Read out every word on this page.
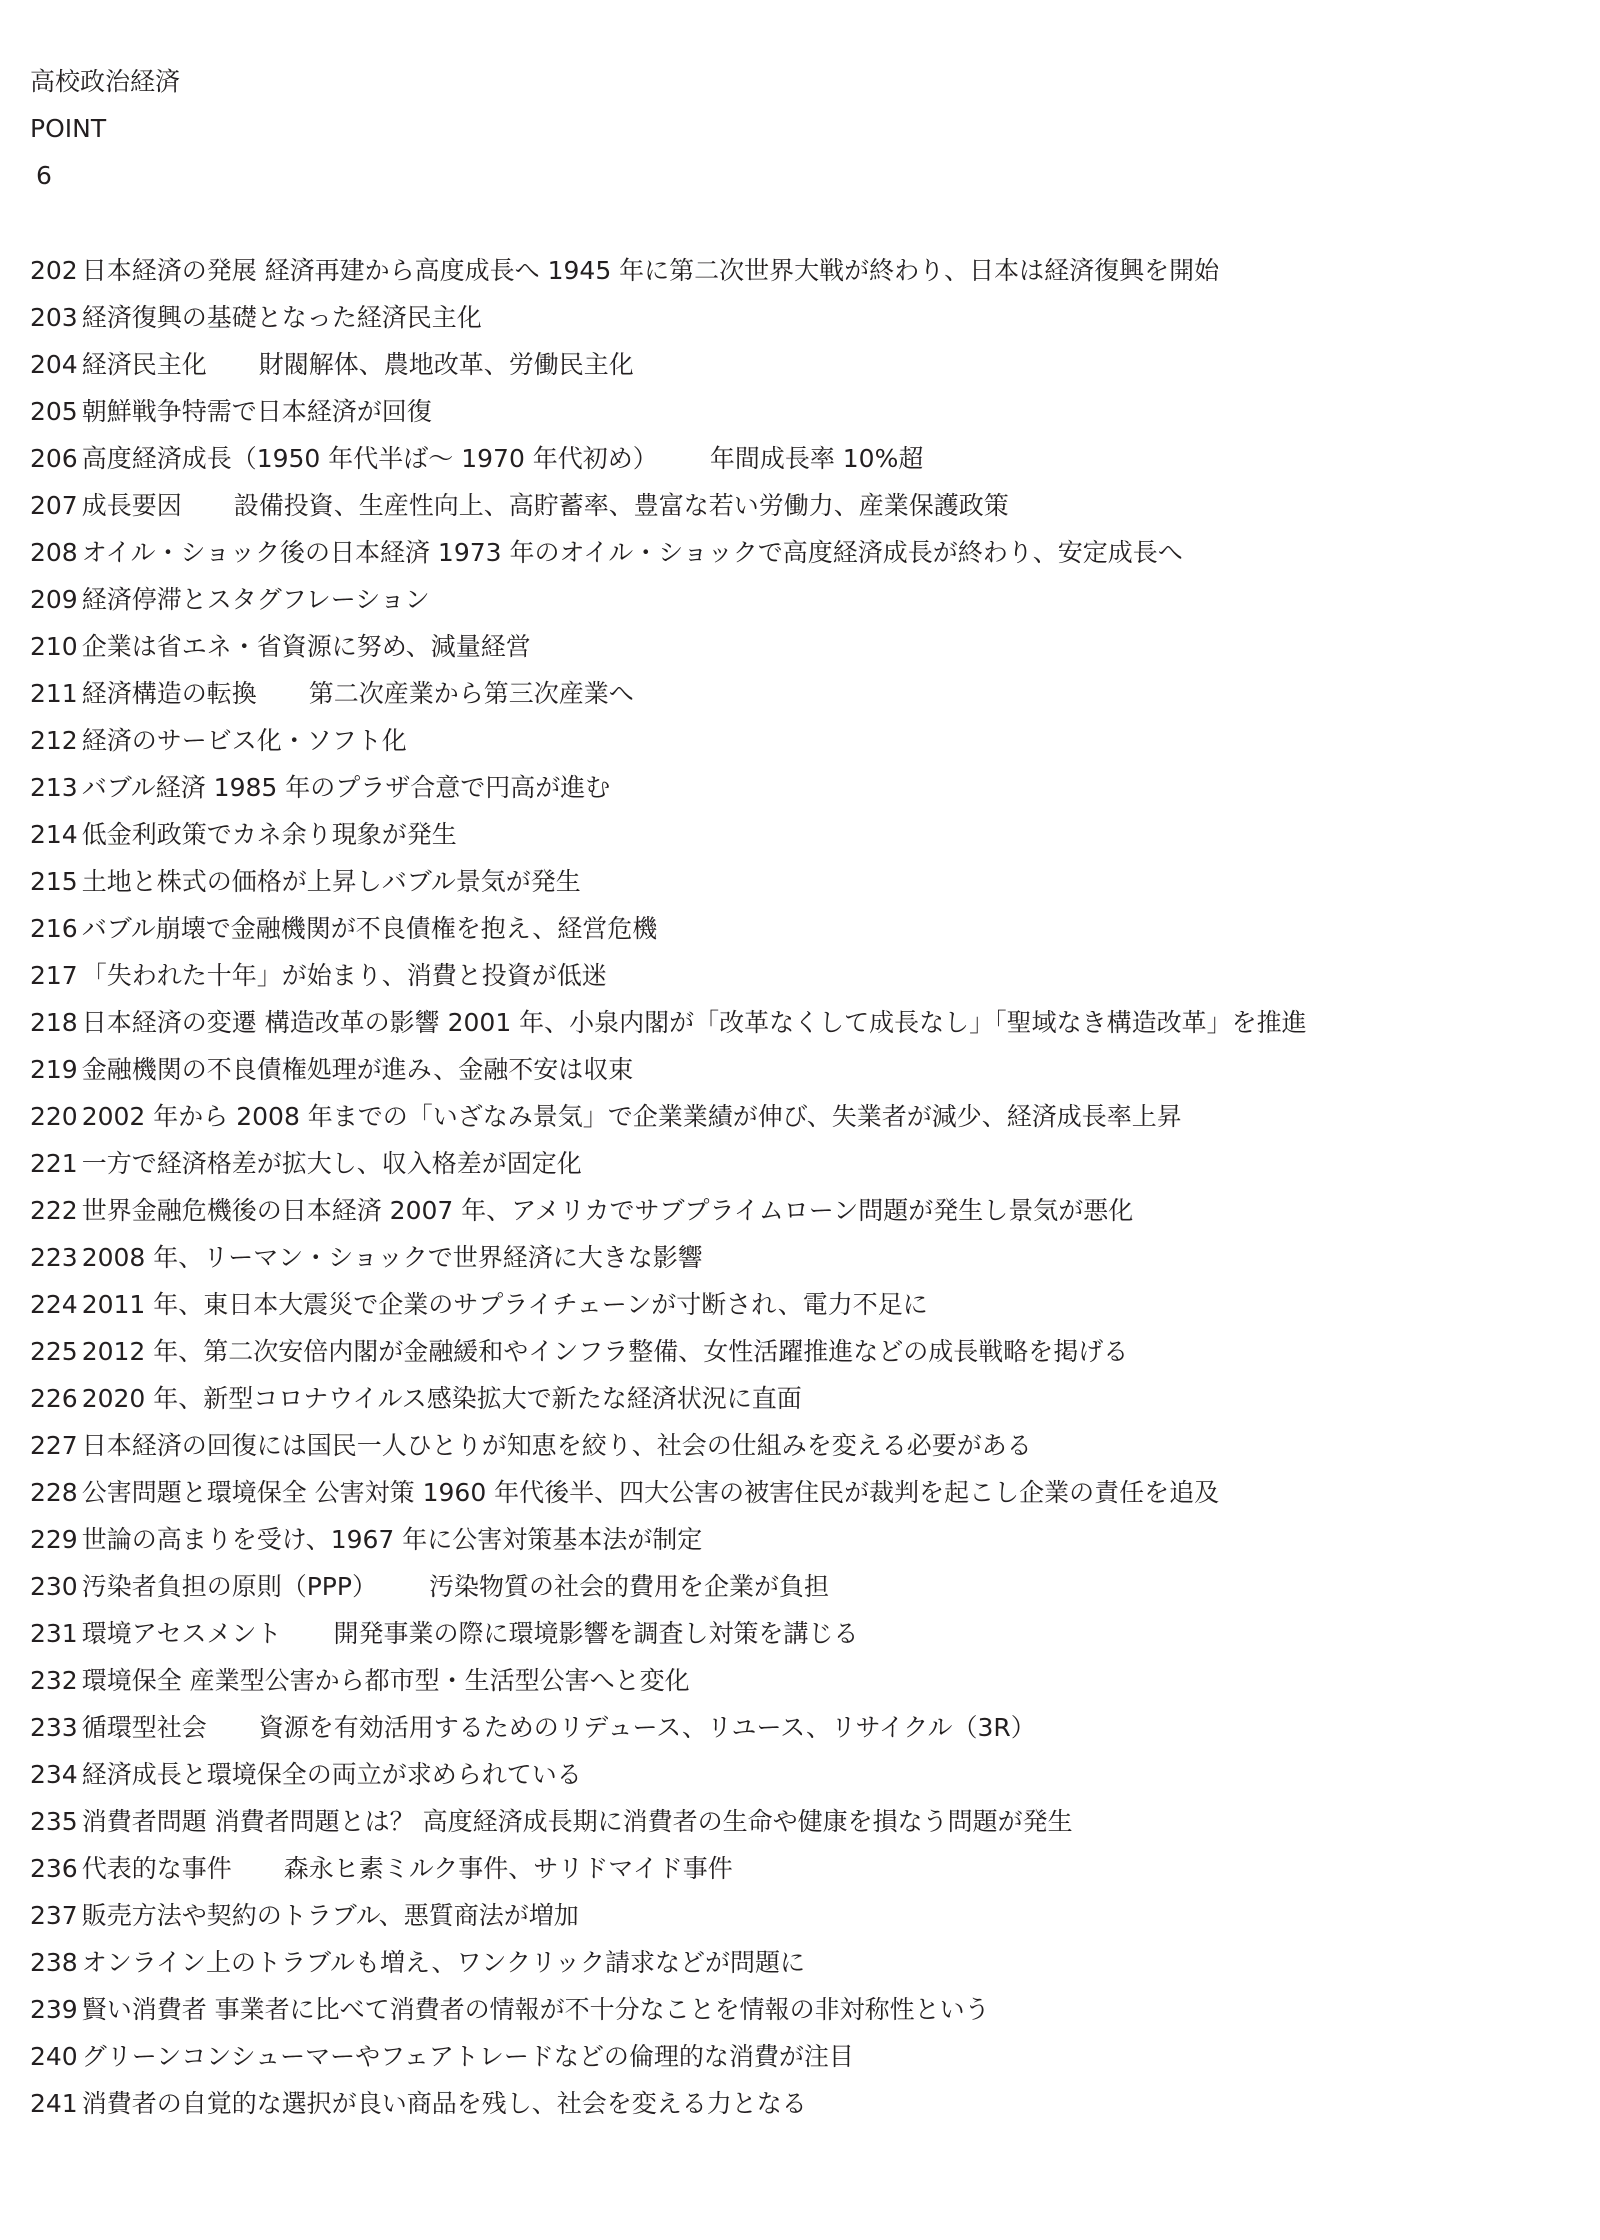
高校政治経済
POINT
6
202 日本経済の発展 経済再建から高度成長へ 1945 年に第二次世界大戦が終わり、日本は経済復興を開始
203 経済復興の基礎となった経済民主化
204 経済民主化 財閥解体、農地改革、労働民主化
205 朝鮮戦争特需で日本経済が回復
206 高度経済成長（1950 年代半ば〜 1970 年代初め） 年間成長率 10%超
207 成長要因 設備投資、生産性向上、高貯蓄率、豊富な若い労働力、産業保護政策
208 オイル・ショック後の日本経済 1973 年のオイル・ショックで高度経済成長が終わり、安定成長へ
209 経済停滞とスタグフレーション
210 企業は省エネ・省資源に努め、減量経営
211 経済構造の転換 第二次産業から第三次産業へ
212 経済のサービス化・ソフト化
213 バブル経済 1985 年のプラザ合意で円高が進む
214 低金利政策でカネ余り現象が発生
215 土地と株式の価格が上昇しバブル景気が発生
216 バブル崩壊で金融機関が不良債権を抱え、経営危機
217 「失われた十年」が始まり、消費と投資が低迷
218 日本経済の変遷 構造改革の影響 2001 年、小泉内閣が「改革なくして成長なし」「聖域なき構造改革」を推進
219 金融機関の不良債権処理が進み、金融不安は収束
220 2002 年から 2008 年までの「いざなみ景気」で企業業績が伸び、失業者が減少、経済成長率上昇
221 一方で経済格差が拡大し、収入格差が固定化
222 世界金融危機後の日本経済 2007 年、アメリカでサブプライムローン問題が発生し景気が悪化
223 2008 年、リーマン・ショックで世界経済に大きな影響
224 2011 年、東日本大震災で企業のサプライチェーンが寸断され、電力不足に
225 2012 年、第二次安倍内閣が金融緩和やインフラ整備、女性活躍推進などの成長戦略を掲げる
226 2020 年、新型コロナウイルス感染拡大で新たな経済状況に直面
227 日本経済の回復には国民一人ひとりが知恵を絞り、社会の仕組みを変える必要がある
228 公害問題と環境保全 公害対策 1960 年代後半、四大公害の被害住民が裁判を起こし企業の責任を追及
229 世論の高まりを受け、1967 年に公害対策基本法が制定
230 汚染者負担の原則（PPP） 汚染物質の社会的費用を企業が負担
231 環境アセスメント 開発事業の際に環境影響を調査し対策を講じる
232 環境保全 産業型公害から都市型・生活型公害へと変化
233 循環型社会 資源を有効活用するためのリデュース、リユース、リサイクル（3R）
234 経済成長と環境保全の両立が求められている
235 消費者問題 消費者問題とは？ 高度経済成長期に消費者の生命や健康を損なう問題が発生
236 代表的な事件 森永ヒ素ミルク事件、サリドマイド事件
237 販売方法や契約のトラブル、悪質商法が増加
238 オンライン上のトラブルも増え、ワンクリック請求などが問題に
239 賢い消費者 事業者に比べて消費者の情報が不十分なことを情報の非対称性という
240 グリーンコンシューマーやフェアトレードなどの倫理的な消費が注目
241 消費者の自覚的な選択が良い商品を残し、社会を変える力となる
